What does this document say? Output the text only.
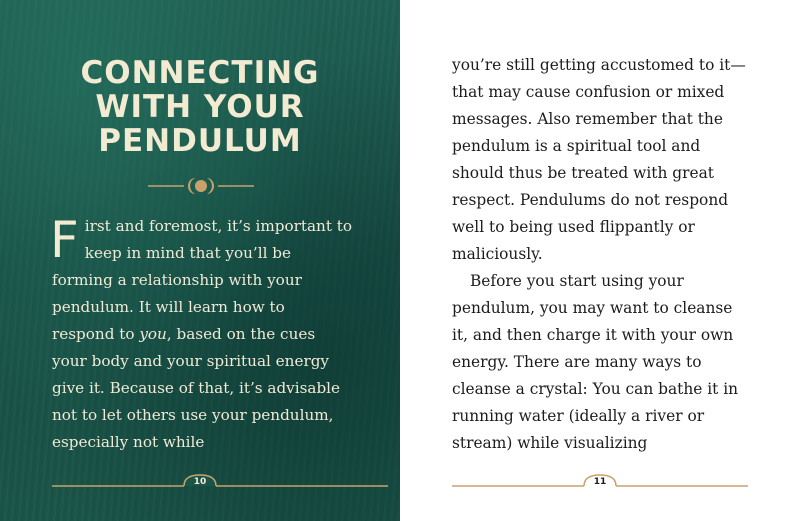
CONNECTING
WITH YOUR
PENDULUM

First and foremost, it’s important to keep in mind that you’ll be forming a relationship with your pendulum. It will learn how to respond to you, based on the cues your body and your spiritual energy give it. Because of that, it’s advisable not to let others use your pendulum, especially not while

10

you’re still getting accustomed to it—that may cause confusion or mixed messages. Also remember that the pendulum is a spiritual tool and should thus be treated with great respect. Pendulums do not respond well to being used flippantly or maliciously.

Before you start using your pendulum, you may want to cleanse it, and then charge it with your own energy. There are many ways to cleanse a crystal: You can bathe it in running water (ideally a river or stream) while visualizing

11
